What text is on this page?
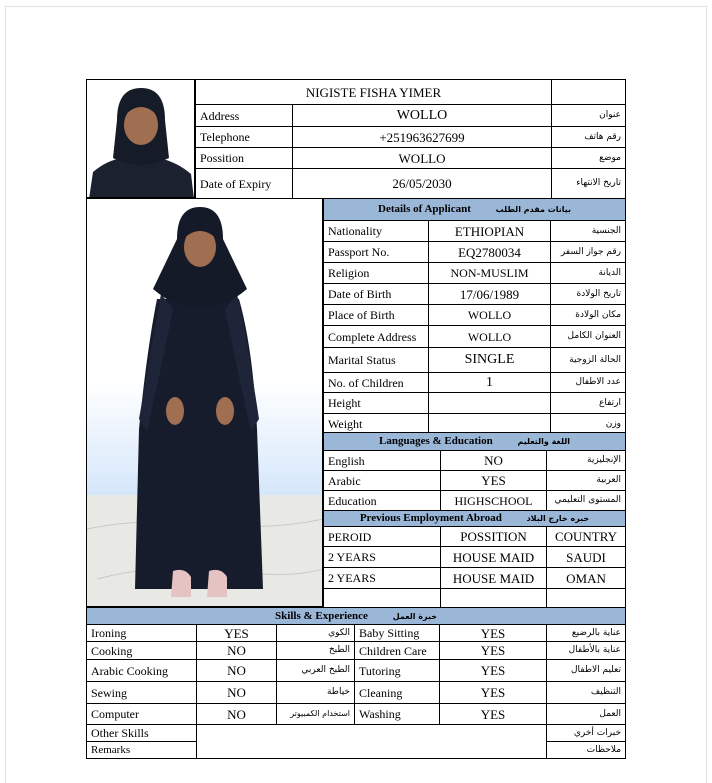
NIGISTE FISHA YIMER		
Address	WOLLO	عنوان
Telephone	+251963627699	رقم هاتف
Possition	WOLLO	موضع
Date of Expiry	26/05/2030	تاريخ الانتهاء
Details of Applicant بيانات مقدم الطلب		
Nationality	ETHIOPIAN	الجنسية
Passport No.	EQ2780034	رقم جواز السفر
Religion	NON-MUSLIM	الديانة
Date of Birth	17/06/1989	تاريخ الولادة
Place of Birth	WOLLO	مكان الولادة
Complete Address	WOLLO	العنوان الكامل
Marital Status	SINGLE	الحالة الزوجية
No. of Children	1	عدد الاطفال
Height		ارتفاع
Weight		وزن
Languages & Education اللغة والتعليم		
English	NO	الإنجليزية
Arabic	YES	العربية
Education	HIGHSCHOOL	المستوى التعليمي
Previous Employment Abroad خبره خارج البلاد		
PEROID	POSSITION	COUNTRY
2 YEARS	HOUSE MAID	SAUDI
2 YEARS	HOUSE MAID	OMAN

Skills & Experience خبرة العمل					
Ironing	YES	الكوي	Baby Sitting	YES	عناية بالرضيع
Cooking	NO	الطبخ	Children Care	YES	عناية بالأطفال
Arabic Cooking	NO	الطبخ العربي	Tutoring	YES	تعليم الاطفال
Sewing	NO	خياطة	Cleaning	YES	التنظيف
Computer	NO	استخدام الكمبيوتر	Washing	YES	العمل
Other Skills					خبرات أخري
Remarks					ملاحظات
